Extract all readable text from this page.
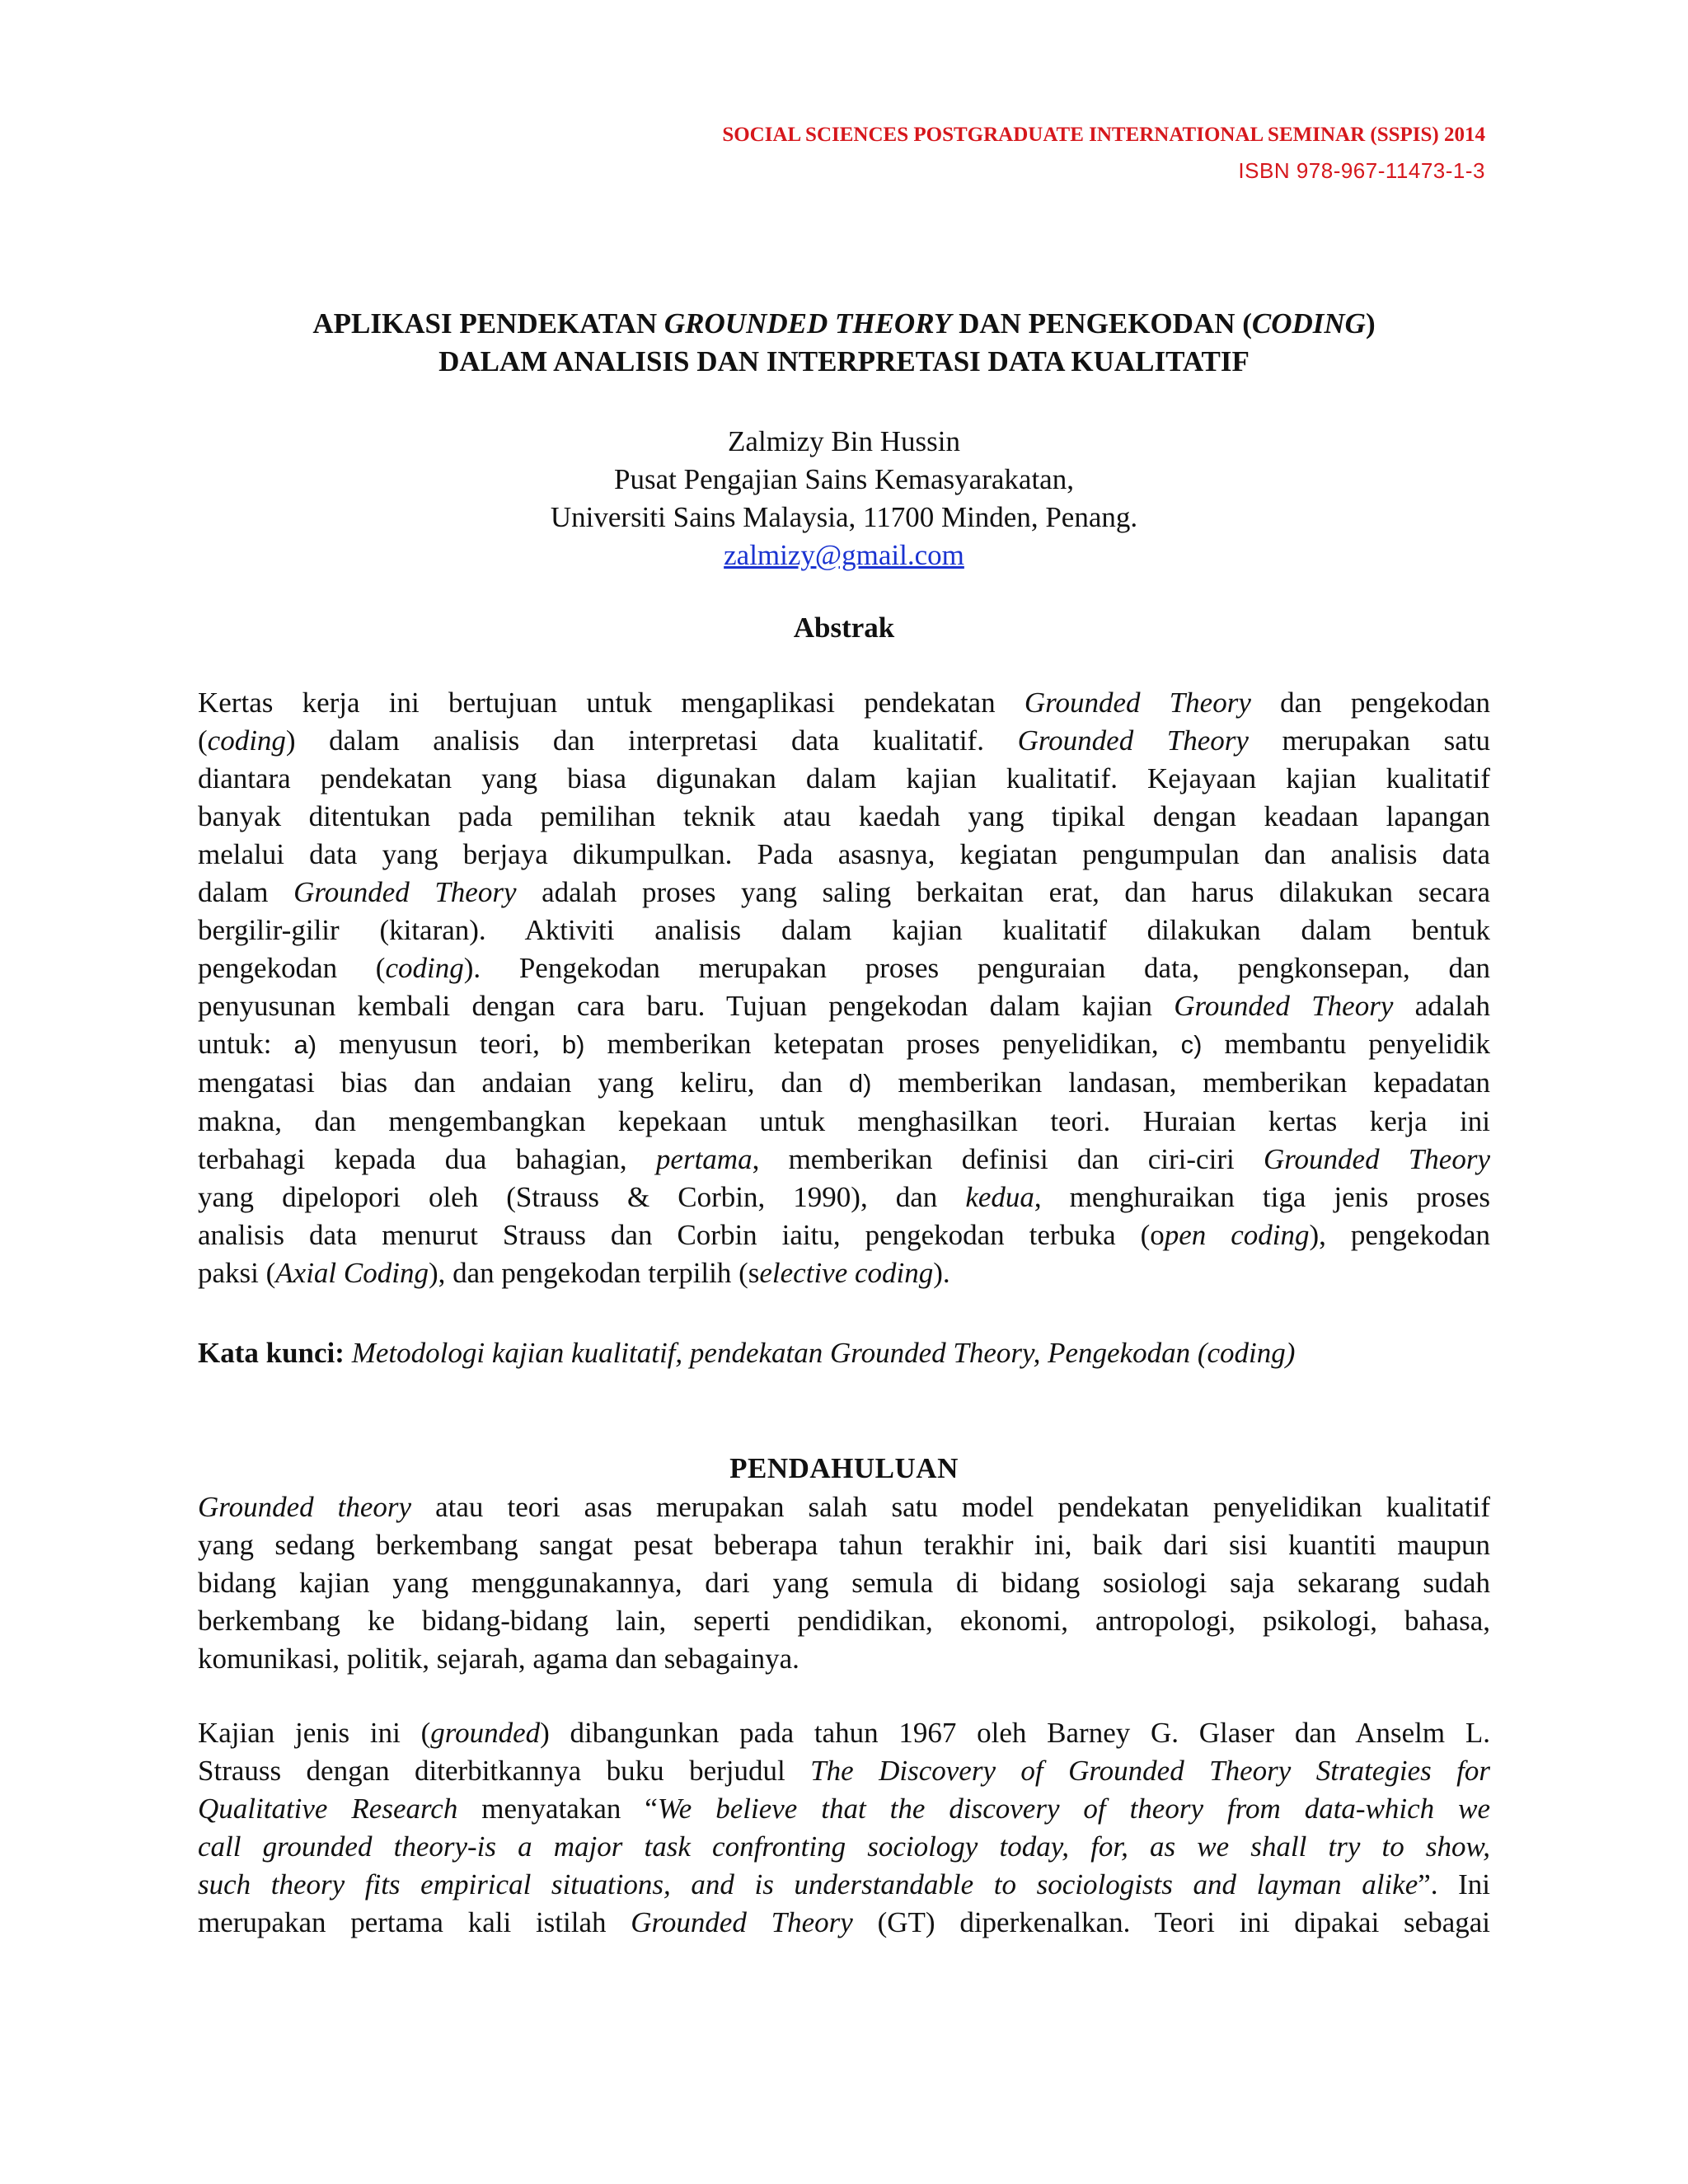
SOCIAL SCIENCES POSTGRADUATE INTERNATIONAL SEMINAR (SSPIS) 2014
ISBN 978-967-11473-1-3
APLIKASI PENDEKATAN GROUNDED THEORY DAN PENGEKODAN (CODING)
DALAM ANALISIS DAN INTERPRETASI DATA KUALITATIF
Zalmizy Bin Hussin
Pusat Pengajian Sains Kemasyarakatan,
Universiti Sains Malaysia, 11700 Minden, Penang.
zalmizy@gmail.com
Abstrak
Kertas kerja ini bertujuan untuk mengaplikasi pendekatan Grounded Theory dan pengekodan
(coding) dalam analisis dan interpretasi data kualitatif. Grounded Theory merupakan satu
diantara pendekatan yang biasa digunakan dalam kajian kualitatif. Kejayaan kajian kualitatif
banyak ditentukan pada pemilihan teknik atau kaedah yang tipikal dengan keadaan lapangan
melalui data yang berjaya dikumpulkan. Pada asasnya, kegiatan pengumpulan dan analisis data
dalam Grounded Theory adalah proses yang saling berkaitan erat, dan harus dilakukan secara
bergilir-gilir (kitaran). Aktiviti analisis dalam kajian kualitatif dilakukan dalam bentuk
pengekodan (coding). Pengekodan merupakan proses penguraian data, pengkonsepan, dan
penyusunan kembali dengan cara baru. Tujuan pengekodan dalam kajian Grounded Theory adalah
untuk: a) menyusun teori, b) memberikan ketepatan proses penyelidikan, c) membantu penyelidik
mengatasi bias dan andaian yang keliru, dan d) memberikan landasan, memberikan kepadatan
makna, dan mengembangkan kepekaan untuk menghasilkan teori. Huraian kertas kerja ini
terbahagi kepada dua bahagian, pertama, memberikan definisi dan ciri-ciri Grounded Theory
yang dipelopori oleh (Strauss & Corbin, 1990), dan kedua, menghuraikan tiga jenis proses
analisis data menurut Strauss dan Corbin iaitu, pengekodan terbuka (open coding), pengekodan
paksi (Axial Coding), dan pengekodan terpilih (selective coding).
Kata kunci: Metodologi kajian kualitatif, pendekatan Grounded Theory, Pengekodan (coding)
PENDAHULUAN
Grounded theory atau teori asas merupakan salah satu model pendekatan penyelidikan kualitatif
yang sedang berkembang sangat pesat beberapa tahun terakhir ini, baik dari sisi kuantiti maupun
bidang kajian yang menggunakannya, dari yang semula di bidang sosiologi saja sekarang sudah
berkembang ke bidang-bidang lain, seperti pendidikan, ekonomi, antropologi, psikologi, bahasa,
komunikasi, politik, sejarah, agama dan sebagainya.
Kajian jenis ini (grounded) dibangunkan pada tahun 1967 oleh Barney G. Glaser dan Anselm L.
Strauss dengan diterbitkannya buku berjudul The Discovery of Grounded Theory Strategies for
Qualitative Research menyatakan “We believe that the discovery of theory from data-which we
call grounded theory-is a major task confronting sociology today, for, as we shall try to show,
such theory fits empirical situations, and is understandable to sociologists and layman alike”. Ini
merupakan pertama kali istilah Grounded Theory (GT) diperkenalkan. Teori ini dipakai sebagai
